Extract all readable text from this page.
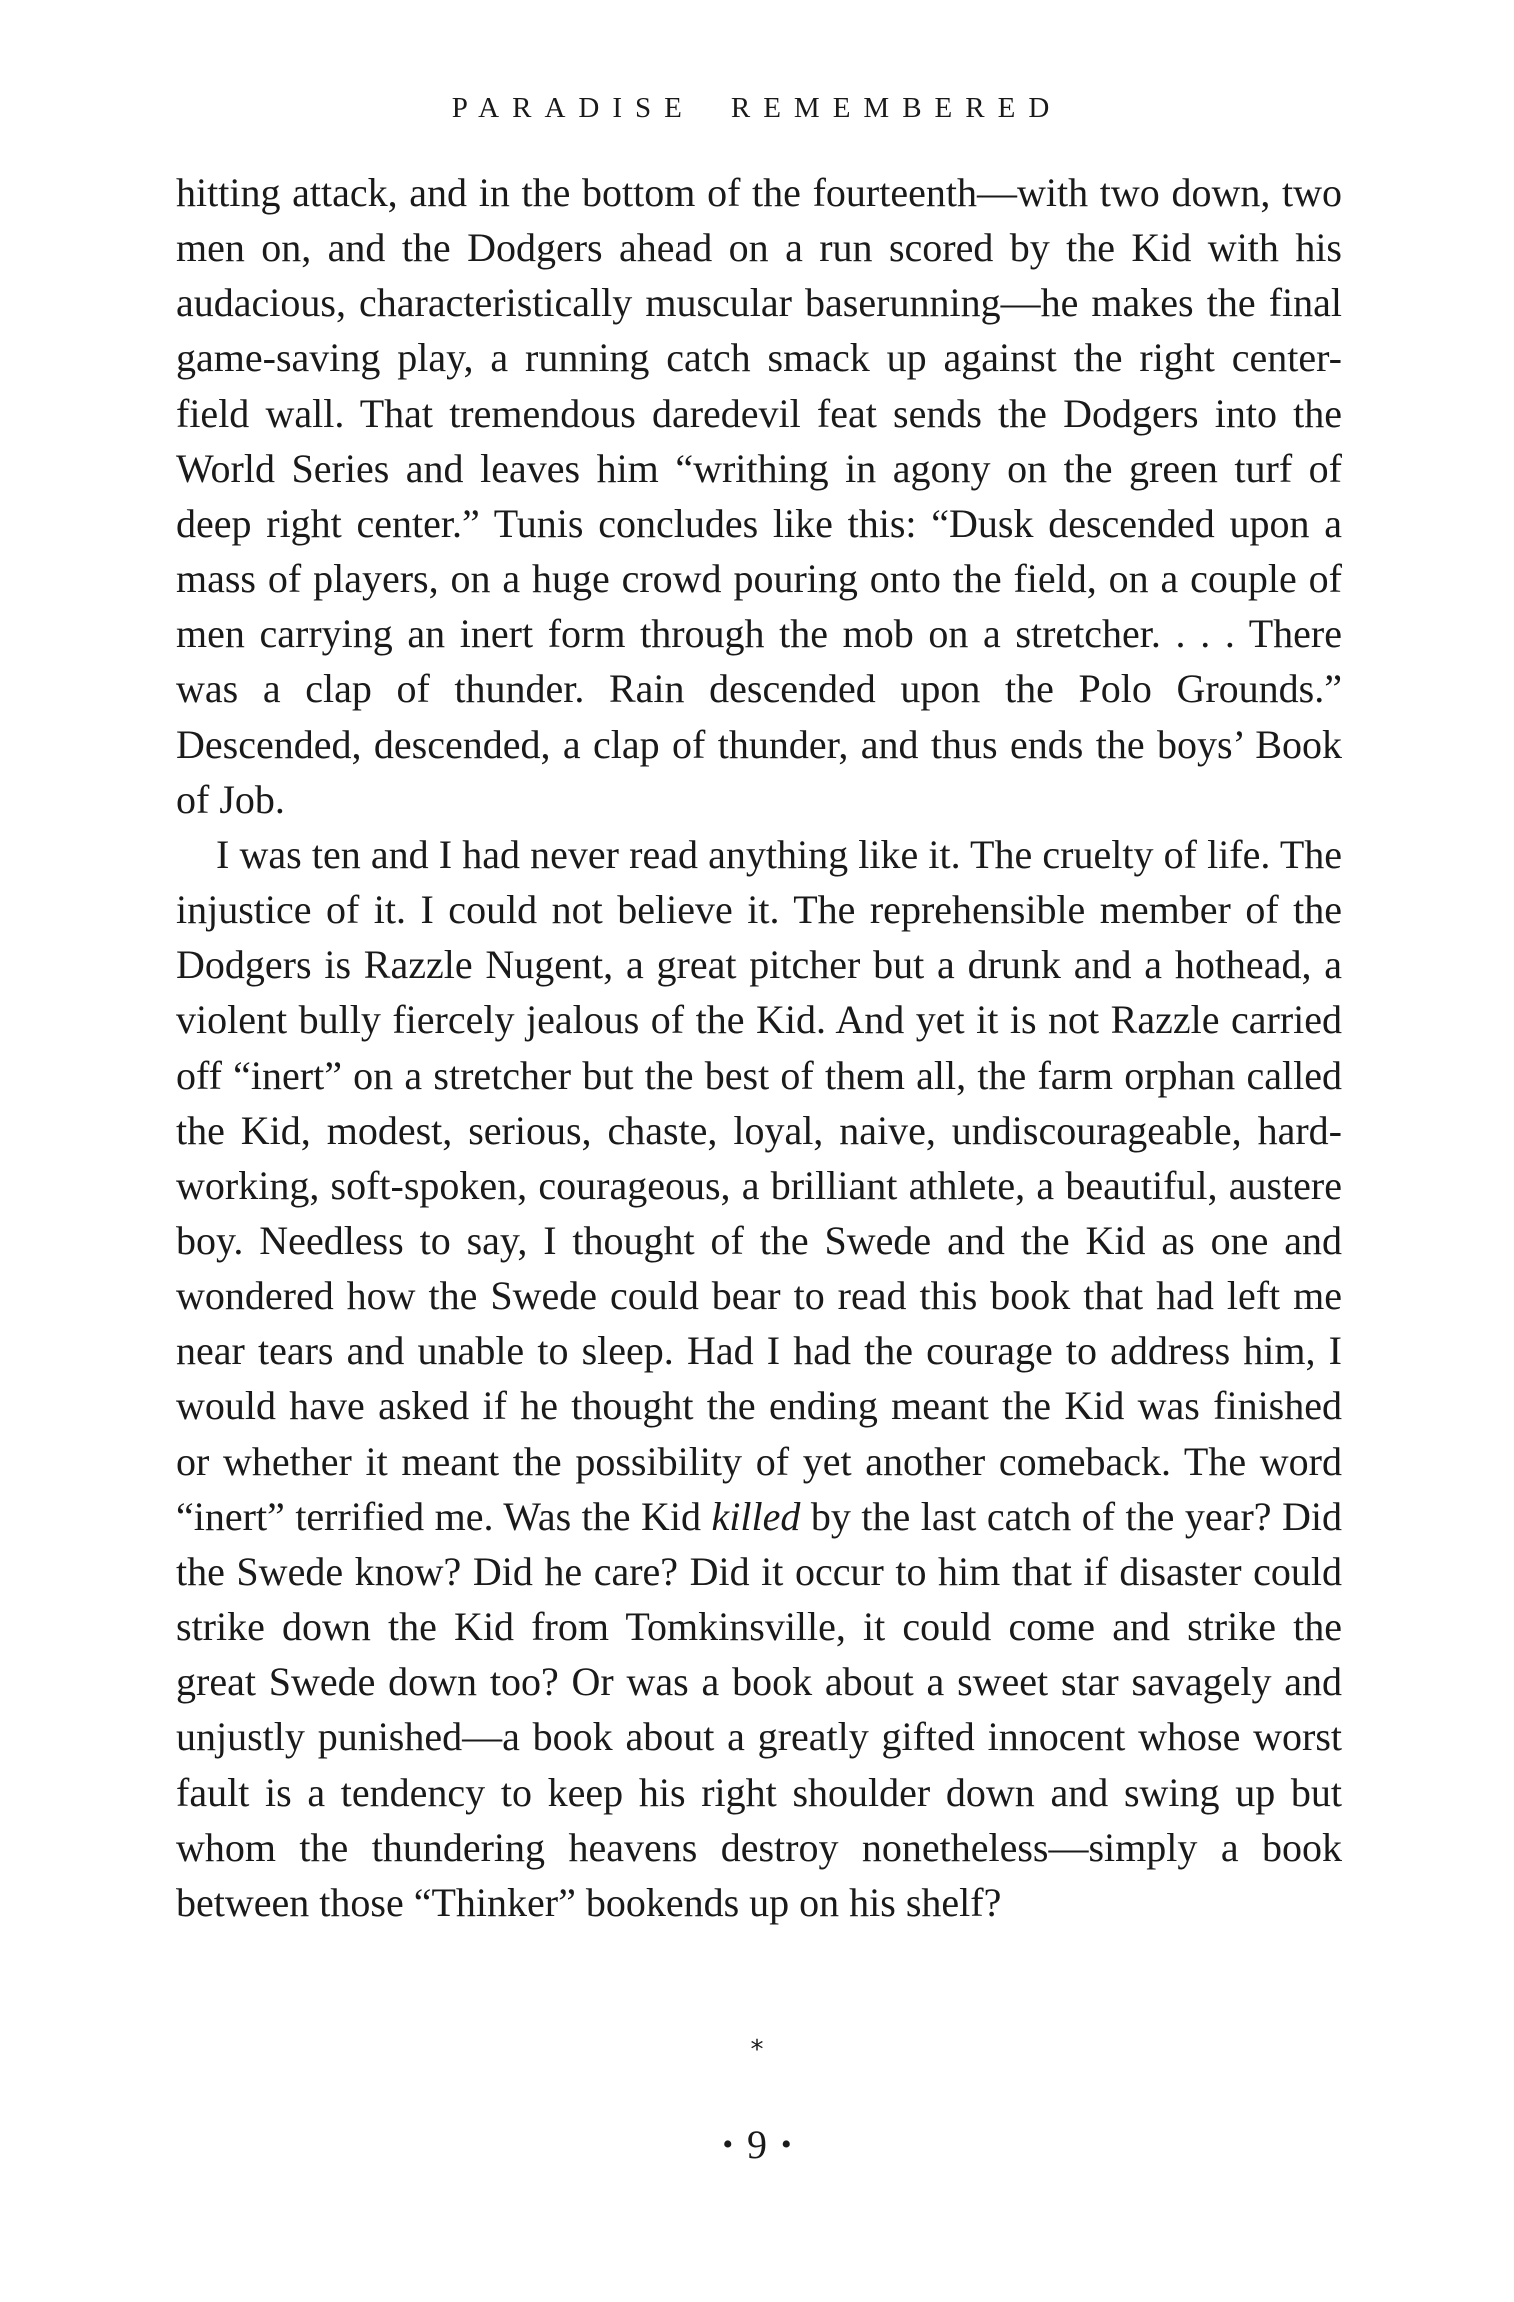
PARADISE REMEMBERED

hitting attack, and in the bottom of the fourteenth—with two down, two men on, and the Dodgers ahead on a run scored by the Kid with his audacious, characteristically muscular baserunning—he makes the final game-saving play, a running catch smack up against the right center-field wall. That tremendous daredevil feat sends the Dodgers into the World Series and leaves him “writhing in agony on the green turf of deep right center.” Tunis concludes like this: “Dusk descended upon a mass of players, on a huge crowd pouring onto the field, on a couple of men carrying an inert form through the mob on a stretcher. . . . There was a clap of thunder. Rain descended upon the Polo Grounds.” Descended, descended, a clap of thunder, and thus ends the boys’ Book of Job.

I was ten and I had never read anything like it. The cruelty of life. The injustice of it. I could not believe it. The reprehensible member of the Dodgers is Razzle Nugent, a great pitcher but a drunk and a hothead, a violent bully fiercely jealous of the Kid. And yet it is not Razzle carried off “inert” on a stretcher but the best of them all, the farm orphan called the Kid, modest, serious, chaste, loyal, naive, undiscourageable, hard-working, soft-spoken, courageous, a brilliant athlete, a beautiful, austere boy. Needless to say, I thought of the Swede and the Kid as one and wondered how the Swede could bear to read this book that had left me near tears and unable to sleep. Had I had the courage to address him, I would have asked if he thought the ending meant the Kid was finished or whether it meant the possibility of yet another comeback. The word “inert” terrified me. Was the Kid killed by the last catch of the year? Did the Swede know? Did he care? Did it occur to him that if disaster could strike down the Kid from Tomkinsville, it could come and strike the great Swede down too? Or was a book about a sweet star savagely and unjustly punished—a book about a greatly gifted innocent whose worst fault is a tendency to keep his right shoulder down and swing up but whom the thundering heavens destroy nonetheless—simply a book between those “Thinker” bookends up on his shelf?

*
• 9 •
